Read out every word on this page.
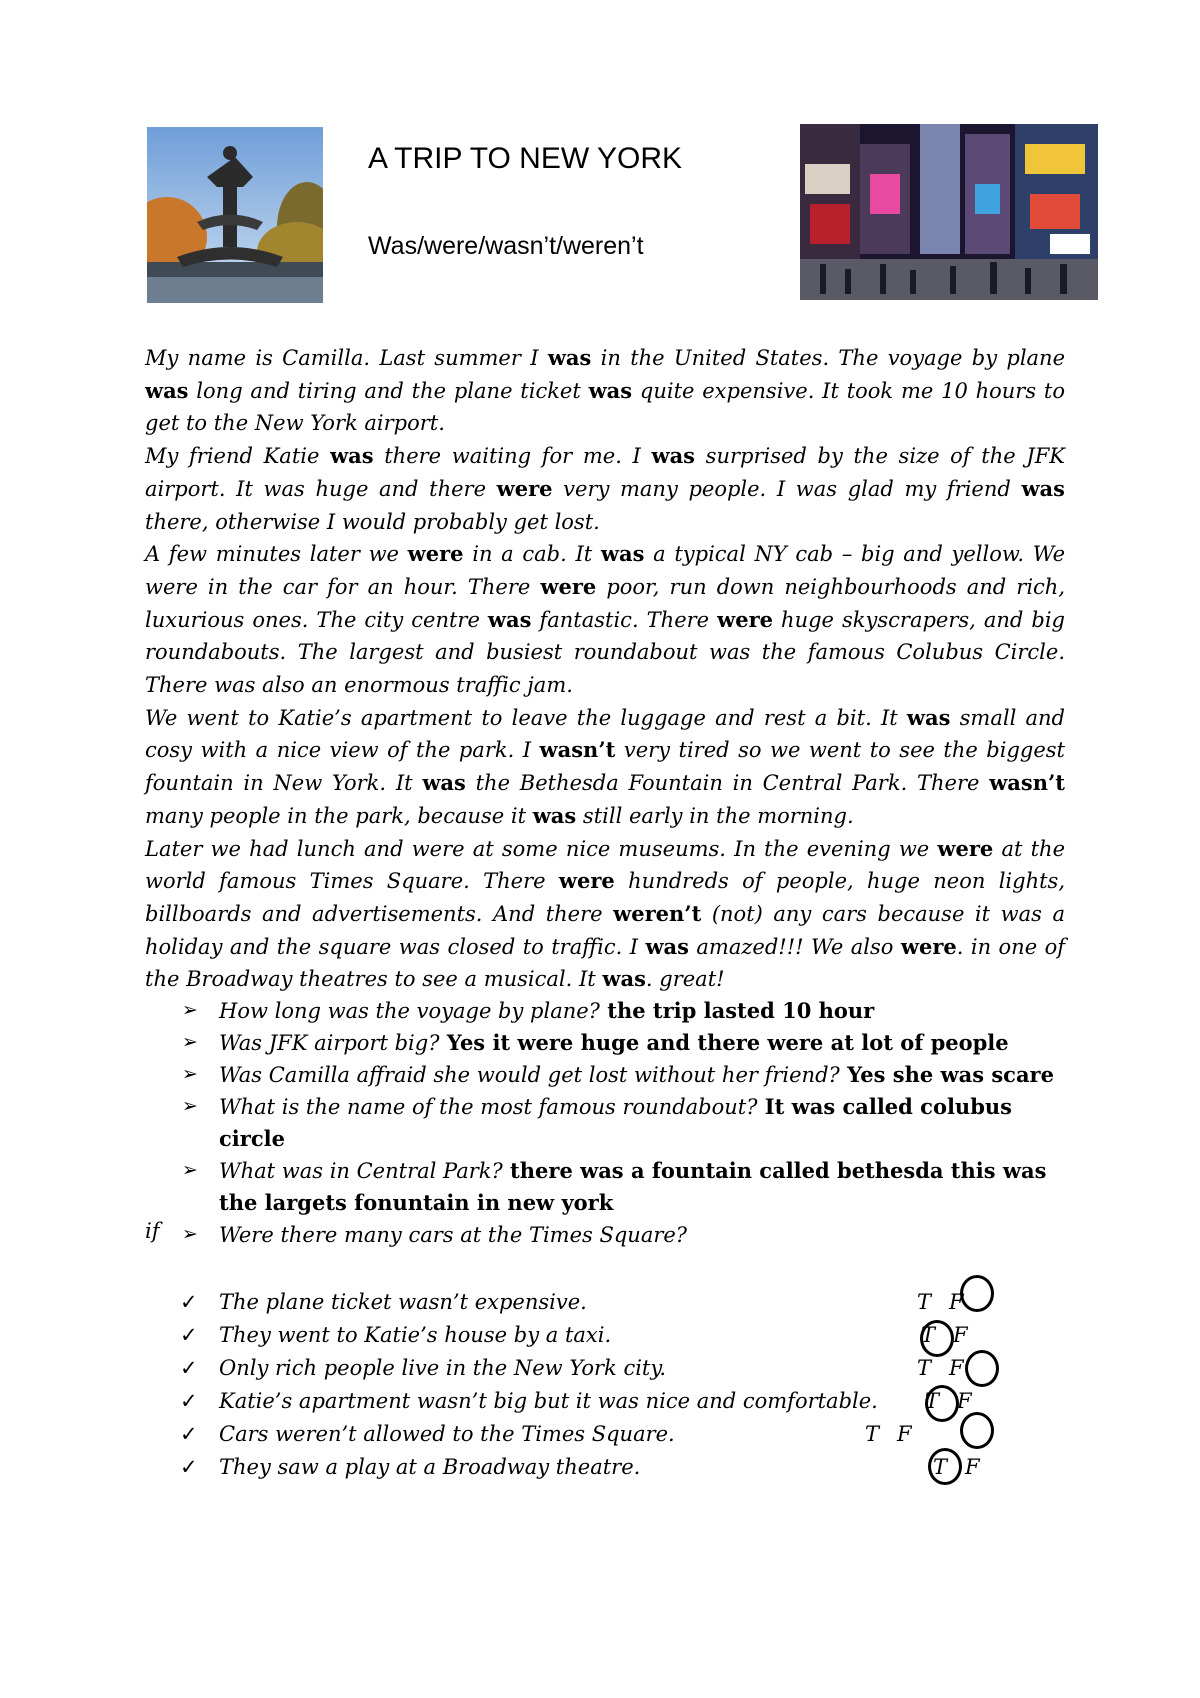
A TRIP TO NEW YORK
Was/were/wasn’t/weren’t

My name is Camilla. Last summer I was in the United States. The voyage by plane was long and tiring and the plane ticket was quite expensive. It took me 10 hours to get to the New York airport.

My friend Katie was there waiting for me. I was surprised by the size of the JFK airport. It was huge and there were very many people. I was glad my friend was there, otherwise I would probably get lost.

A few minutes later we were in a cab. It was a typical NY cab – big and yellow. We were in the car for an hour. There were poor, run down neighbourhoods and rich, luxurious ones. The city centre was fantastic. There were huge skyscrapers, and big roundabouts. The largest and busiest roundabout was the famous Colubus Circle. There was also an enormous traffic jam.

We went to Katie’s apartment to leave the luggage and rest a bit. It was small and cosy with a nice view of the park. I wasn’t very tired so we went to see the biggest fountain in New York. It was the Bethesda Fountain in Central Park. There wasn’t many people in the park, because it was still early in the morning.

Later we had lunch and were at some nice museums. In the evening we were at the world famous Times Square. There were hundreds of people, huge neon lights, billboards and advertisements. And there weren’t (not) any cars because it was a holiday and the square was closed to traffic. I was amazed!!! We also were. in one of the Broadway theatres to see a musical. It was. great!

➢ How long was the voyage by plane? the trip lasted 10 hour
➢ Was JFK airport big? Yes it were huge and there were at lot of people
➢ Was Camilla affraid she would get lost without her friend? Yes she was scare
➢ What is the name of the most famous roundabout? It was called colubus circle
➢ What was in Central Park? there was a fountain called bethesda this was the largets fonuntain in new york
➢ Were there many cars at the Times Square?
if
✓ The plane ticket wasn’t expensive.
✓ They went to Katie’s house by a taxi.
✓ Only rich people live in the New York city.
✓ Katie’s apartment wasn’t big but it was nice and comfortable.
✓ Cars weren’t allowed to the Times Square.
✓ They saw a play at a Broadway theatre.
T F
T F
T F
T F
T F
T F
